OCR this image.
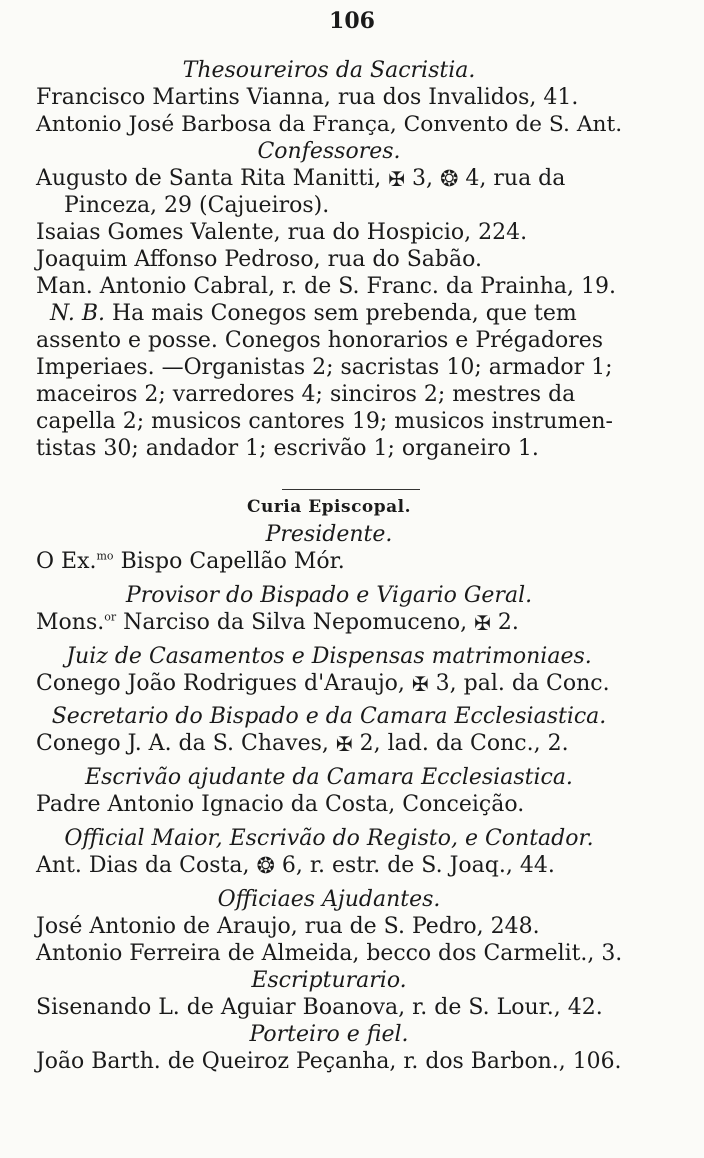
106
Thesoureiros da Sacristia.
Francisco Martins Vianna, rua dos Invalidos, 41.
Antonio José Barbosa da França, Convento de S. Ant.
Confessores.
Augusto de Santa Rita Manitti, ✠ 3, ❂ 4, rua da
Pinceza, 29 (Cajueiros).
Isaias Gomes Valente, rua do Hospicio, 224.
Joaquim Affonso Pedroso, rua do Sabão.
Man. Antonio Cabral, r. de S. Franc. da Prainha, 19.
N. B. Ha mais Conegos sem prebenda, que tem
assento e posse. Conegos honorarios e Prégadores
Imperiaes. —Organistas 2; sacristas 10; armador 1;
maceiros 2; varredores 4; sinciros 2; mestres da
capella 2; musicos cantores 19; musicos instrumen-
tistas 30; andador 1; escrivão 1; organeiro 1.
Curia Episcopal.
Presidente.
O Ex.$^{mo}$ Bispo Capellão Mór.
Provisor do Bispado e Vigario Geral.
Mons.$^{or}$ Narciso da Silva Nepomuceno, ✠ 2.
Juiz de Casamentos e Dispensas matrimoniaes.
Conego João Rodrigues d'Araujo, ✠ 3, pal. da Conc.
Secretario do Bispado e da Camara Ecclesiastica.
Conego J. A. da S. Chaves, ✠ 2, lad. da Conc., 2.
Escrivão ajudante da Camara Ecclesiastica.
Padre Antonio Ignacio da Costa, Conceição.
Official Maior, Escrivão do Registo, e Contador.
Ant. Dias da Costa, ❂ 6, r. estr. de S. Joaq., 44.
Officiaes Ajudantes.
José Antonio de Araujo, rua de S. Pedro, 248.
Antonio Ferreira de Almeida, becco dos Carmelit., 3.
Escripturario.
Sisenando L. de Aguiar Boanova, r. de S. Lour., 42.
Porteiro e fiel.
João Barth. de Queiroz Peçanha, r. dos Barbon., 106.
